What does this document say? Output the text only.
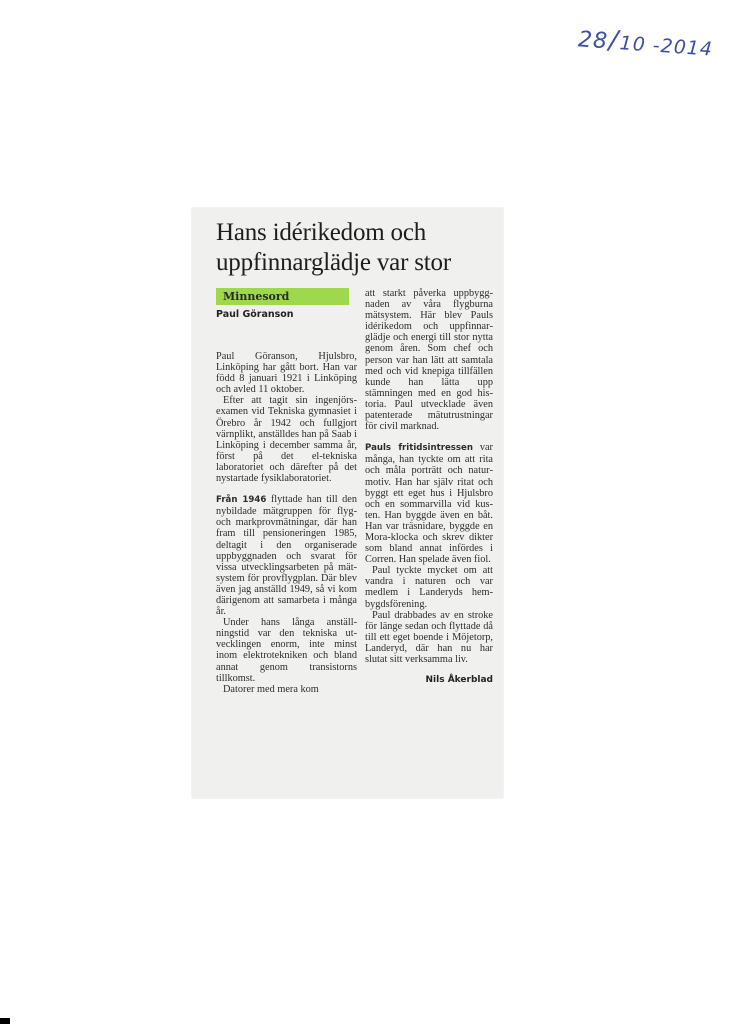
28/10 -2014
Hans idérikedom och
uppfinnarglädje var stor
Minnesord
Paul Göranson

Paul Göranson, Hjulsbro, Linköping har gått bort. Han var född 8 januari 1921 i Linköping och avled 11 oktober.

Efter att tagit sin ingenjörsexamen vid Tekniska gymnasiet i Örebro år 1942 och fullgjort värnplikt, anställdes han på Saab i Linköping i december samma år, först på det el-tekniska laboratoriet och därefter på det nystartade fysiklaboratoriet.

Från 1946 flyttade han till den nybildade mätgruppen för flyg- och markprovmätningar, där han fram till pensioneringen 1985, deltagit i den organiserade uppbyggnaden och svarat för vissa utvecklingsarbeten på mätsystem för provflygplan. Där blev även jag anställd 1949, så vi kom därigenom att samarbeta i många år.

Under hans långa anställningstid var den tekniska utvecklingen enorm, inte minst inom elektrotekniken och bland annat genom transistorns tillkomst.

Datorer med mera kom

att starkt påverka uppbyggnaden av våra flygburna mätsystem. Här blev Pauls idérikedom och uppfinnarglädje och energi till stor nytta genom åren. Som chef och person var han lätt att samtala med och vid knepiga tillfällen kunde han lätta upp stämningen med en god historia. Paul utvecklade även patenterade mätutrustningar för civil marknad.

Pauls fritidsintressen var många, han tyckte om att rita och måla porträtt och naturmotiv. Han har själv ritat och byggt ett eget hus i Hjulsbro och en sommarvilla vid kusten. Han byggde även en båt. Han var träsnidare, byggde en Mora-klocka och skrev dikter som bland annat infördes i Corren. Han spelade även fiol.

Paul tyckte mycket om att vandra i naturen och var medlem i Landeryds hembygdsförening.

Paul drabbades av en stroke för länge sedan och flyttade då till ett eget boende i Möjetorp, Landeryd, där han nu har slutat sitt verksamma liv.

Nils Åkerblad
